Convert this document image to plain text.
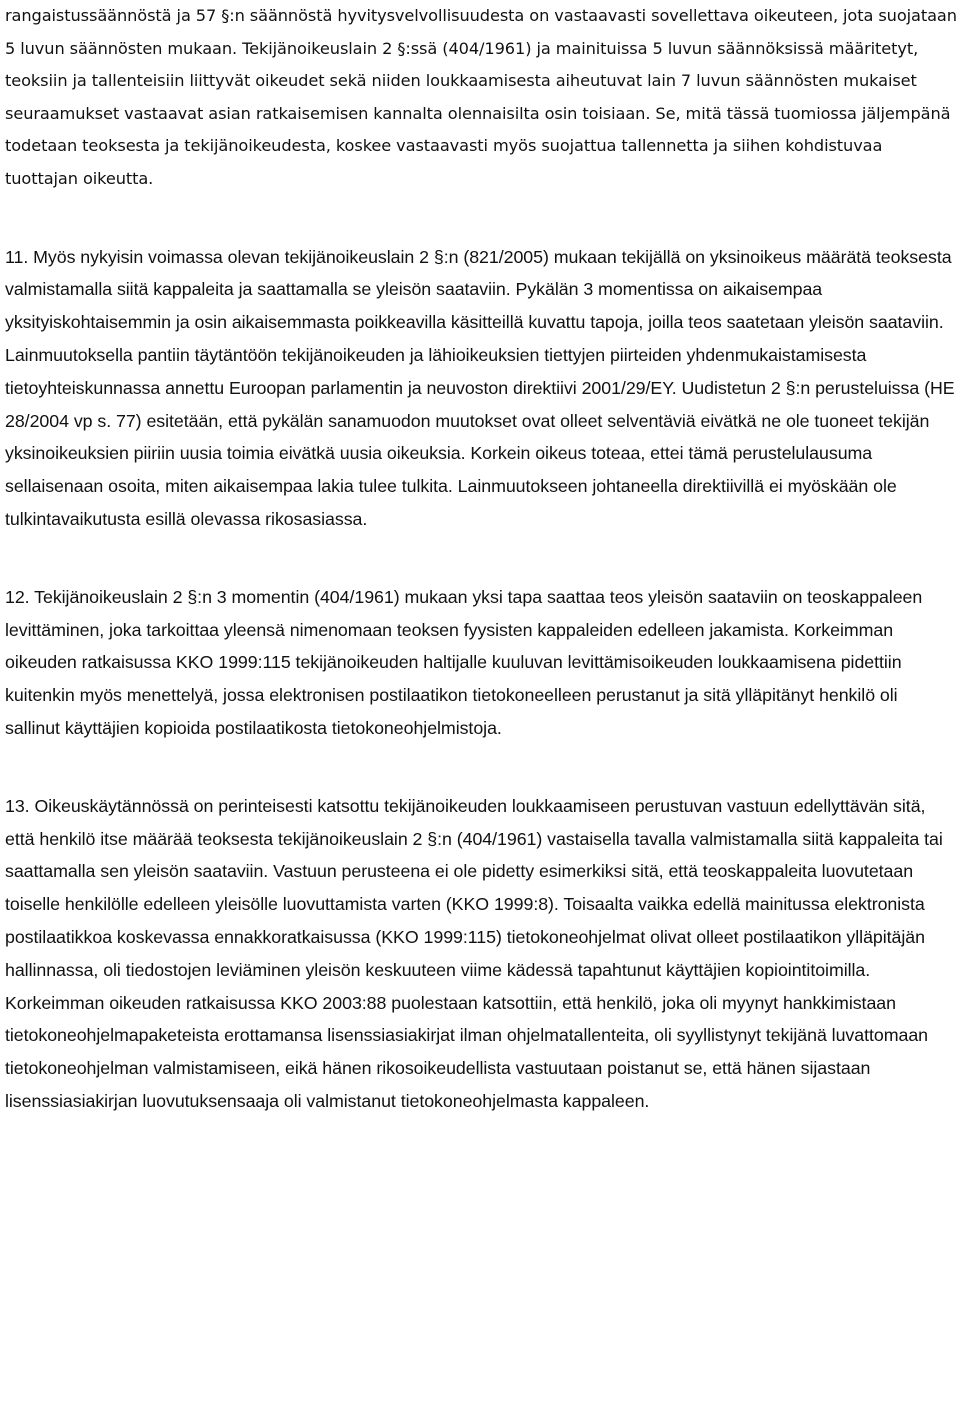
rangaistussäännöstä ja 57 §:n säännöstä hyvitysvelvollisuudesta on vastaavasti sovellettava oikeuteen, jota suojataan 5 luvun säännösten mukaan. Tekijänoikeuslain 2 §:ssä (404/1961) ja mainituissa 5 luvun säännöksissä määritetyt, teoksiin ja tallenteisiin liittyvät oikeudet sekä niiden loukkaamisesta aiheutuvat lain 7 luvun säännösten mukaiset seuraamukset vastaavat asian ratkaisemisen kannalta olennaisilta osin toisiaan. Se, mitä tässä tuomiossa jäljempänä todetaan teoksesta ja tekijänoikeudesta, koskee vastaavasti myös suojattua tallennetta ja siihen kohdistuvaa tuottajan oikeutta.

11. Myös nykyisin voimassa olevan tekijänoikeuslain 2 §:n (821/2005) mukaan tekijällä on yksinoikeus määrätä teoksesta valmistamalla siitä kappaleita ja saattamalla se yleisön saataviin. Pykälän 3 momentissa on aikaisempaa yksityiskohtaisemmin ja osin aikaisemmasta poikkeavilla käsitteillä kuvattu tapoja, joilla teos saatetaan yleisön saataviin. Lainmuutoksella pantiin täytäntöön tekijänoikeuden ja lähioikeuksien tiettyjen piirteiden yhdenmukaistamisesta tietoyhteiskunnassa annettu Euroopan parlamentin ja neuvoston direktiivi 2001/29/EY. Uudistetun 2 §:n perusteluissa (HE 28/2004 vp s. 77) esitetään, että pykälän sanamuodon muutokset ovat olleet selventäviä eivätkä ne ole tuoneet tekijän yksinoikeuksien piiriin uusia toimia eivätkä uusia oikeuksia. Korkein oikeus toteaa, ettei tämä perustelulausuma sellaisenaan osoita, miten aikaisempaa lakia tulee tulkita. Lainmuutokseen johtaneella direktiivillä ei myöskään ole tulkintavaikutusta esillä olevassa rikosasiassa.

12. Tekijänoikeuslain 2 §:n 3 momentin (404/1961) mukaan yksi tapa saattaa teos yleisön saataviin on teoskappaleen levittäminen, joka tarkoittaa yleensä nimenomaan teoksen fyysisten kappaleiden edelleen jakamista. Korkeimman oikeuden ratkaisussa KKO 1999:115 tekijänoikeuden haltijalle kuuluvan levittämisoikeuden loukkaamisena pidettiin kuitenkin myös menettelyä, jossa elektronisen postilaatikon tietokoneelleen perustanut ja sitä ylläpitänyt henkilö oli sallinut käyttäjien kopioida postilaatikosta tietokoneohjelmistoja.

13. Oikeuskäytännössä on perinteisesti katsottu tekijänoikeuden loukkaamiseen perustuvan vastuun edellyttävän sitä, että henkilö itse määrää teoksesta tekijänoikeuslain 2 §:n (404/1961) vastaisella tavalla valmistamalla siitä kappaleita tai saattamalla sen yleisön saataviin. Vastuun perusteena ei ole pidetty esimerkiksi sitä, että teoskappaleita luovutetaan toiselle henkilölle edelleen yleisölle luovuttamista varten (KKO 1999:8). Toisaalta vaikka edellä mainitussa elektronista postilaatikkoa koskevassa ennakkoratkaisussa (KKO 1999:115) tietokoneohjelmat olivat olleet postilaatikon ylläpitäjän hallinnassa, oli tiedostojen leviäminen yleisön keskuuteen viime kädessä tapahtunut käyttäjien kopiointitoimilla. Korkeimman oikeuden ratkaisussa KKO 2003:88 puolestaan katsottiin, että henkilö, joka oli myynyt hankkimistaan tietokoneohjelmapaketeista erottamansa lisenssiasiakirjat ilman ohjelmatallenteita, oli syyllistynyt tekijänä luvattomaan tietokoneohjelman valmistamiseen, eikä hänen rikosoikeudellista vastuutaan poistanut se, että hänen sijastaan lisenssiasiakirjan luovutuksensaaja oli valmistanut tietokoneohjelmasta kappaleen.
